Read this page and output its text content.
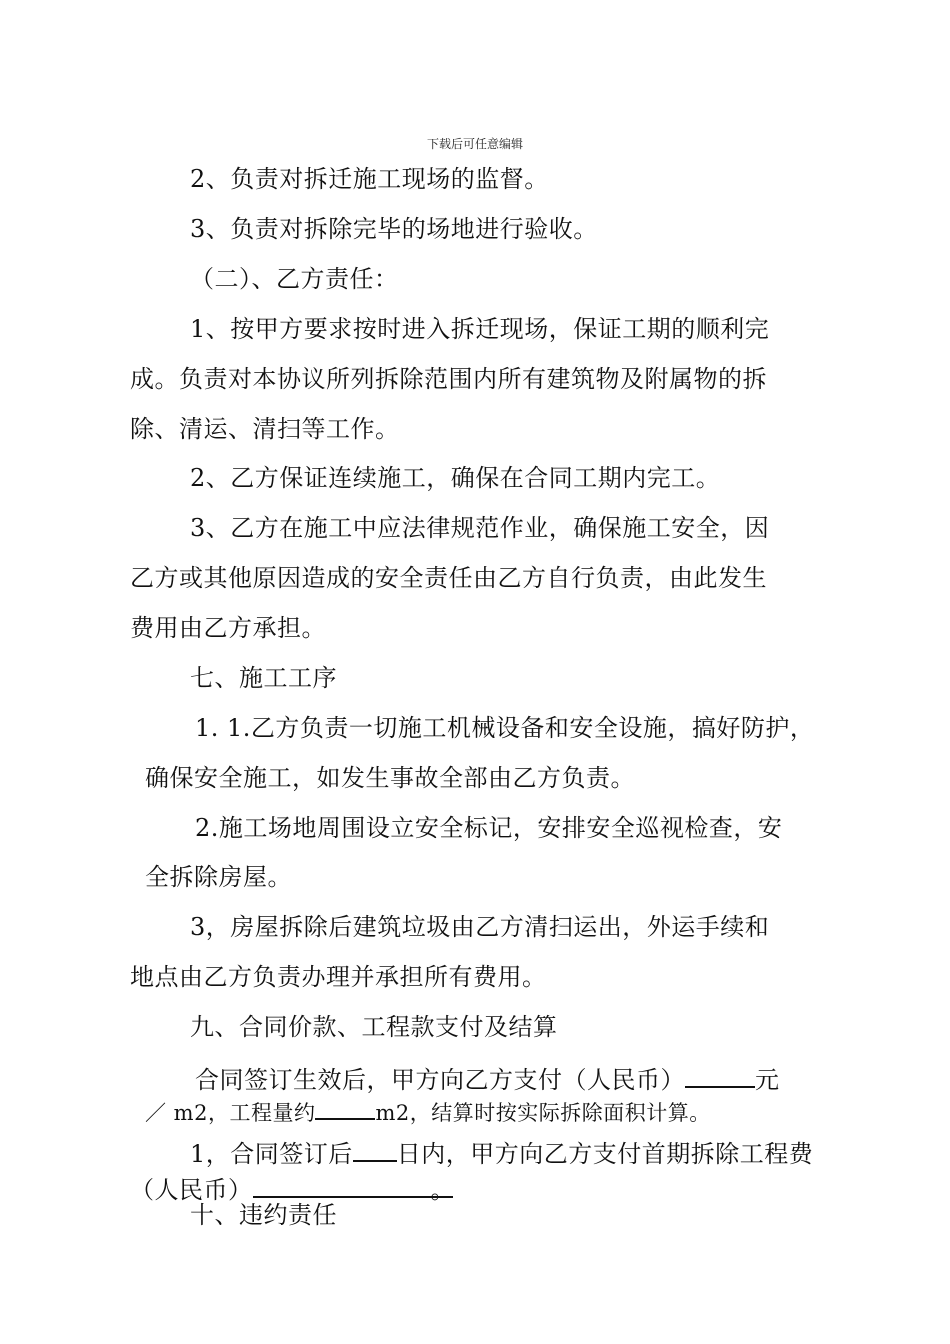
下载后可任意编辑
2、负责对拆迁施工现场的监督。
3、负责对拆除完毕的场地进行验收。
（二）、乙方责任：
1、按甲方要求按时进入拆迁现场，保证工期的顺利完
成。负责对本协议所列拆除范围内所有建筑物及附属物的拆
除、清运、清扫等工作。
2、乙方保证连续施工，确保在合同工期内完工。
3、乙方在施工中应法律规范作业，确保施工安全，因
乙方或其他原因造成的安全责任由乙方自行负责，由此发生
费用由乙方承担。
七、施工工序
1. 1.乙方负责一切施工机械设备和安全设施，搞好防护，
确保安全施工，如发生事故全部由乙方负责。
2.施工场地周围设立安全标记，安排安全巡视检查，安
全拆除房屋。
3，房屋拆除后建筑垃圾由乙方清扫运出，外运手续和
地点由乙方负责办理并承担所有费用。
九、合同价款、工程款支付及结算
合同签订生效后，甲方向乙方支付（人民币）	元
／ m2，工程量约	m2，结算时按实际拆除面积计算。
1，合同签订后 日内，甲方向乙方支付首期拆除工程费
（人民币）	。
十、违约责任
